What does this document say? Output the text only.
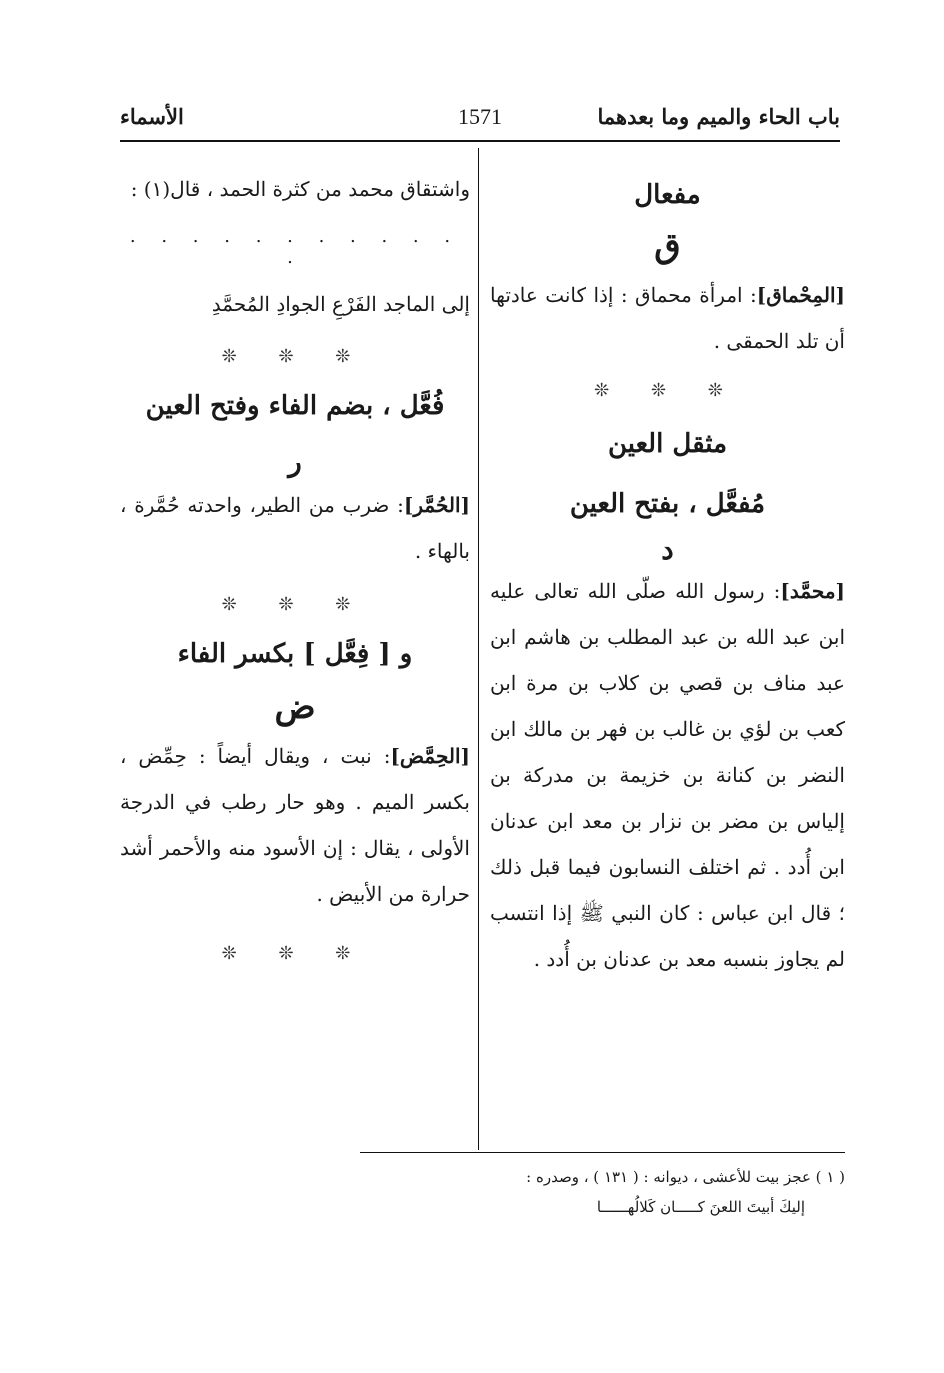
باب الحاء والميم وما بعدهما
1571
الأسماء

مفعال

ق

[المِحْماق]: امرأة محماق : إذا كانت عادتها أن تلد الحمقى .

❊ ❊ ❊

مثقل العين

مُفعَّل ، بفتح العين

د

[محمَّد]: رسول الله صلّى الله تعالى عليه ابن عبد الله بن عبد المطلب بن هاشم ابن عبد مناف بن قصي بن كلاب بن مرة ابن كعب بن لؤي بن غالب بن فهر بن مالك ابن النضر بن كنانة بن خزيمة بن مدركة بن إلياس بن مضر بن نزار بن معد ابن عدنان ابن أُدد . ثم اختلف النسابون فيما قبل ذلك ؛ قال ابن عباس : كان النبي ﷺ إذا انتسب لم يجاوز بنسبه معد بن عدنان بن أُدد .

واشتقاق محمد من كثرة الحمد ، قال(١) :

. . . . . . . . . . . .

إلى الماجد الفَرْعِ الجوادِ المُحمَّدِ

❊ ❊ ❊

فُعَّل ، بضم الفاء وفتح العين

ر

[الحُمَّر]: ضرب من الطير، واحدته حُمَّرة ، بالهاء .

❊ ❊ ❊

و [ فِعَّل ] بكسر الفاء

ض

[الحِمَّض]: نبت ، ويقال أيضاً : حِمِّض ، بكسر الميم . وهو حار رطب في الدرجة الأولى ، يقال : إن الأسود منه والأحمر أشد حرارة من الأبيض .

❊ ❊ ❊

( ١ ) عجز بيت للأعشى ، ديوانه : ( ١٣١ ) ، وصدره :

إليكَ أبيتَ اللعنَ كـــــان كَلالُهــــــا
